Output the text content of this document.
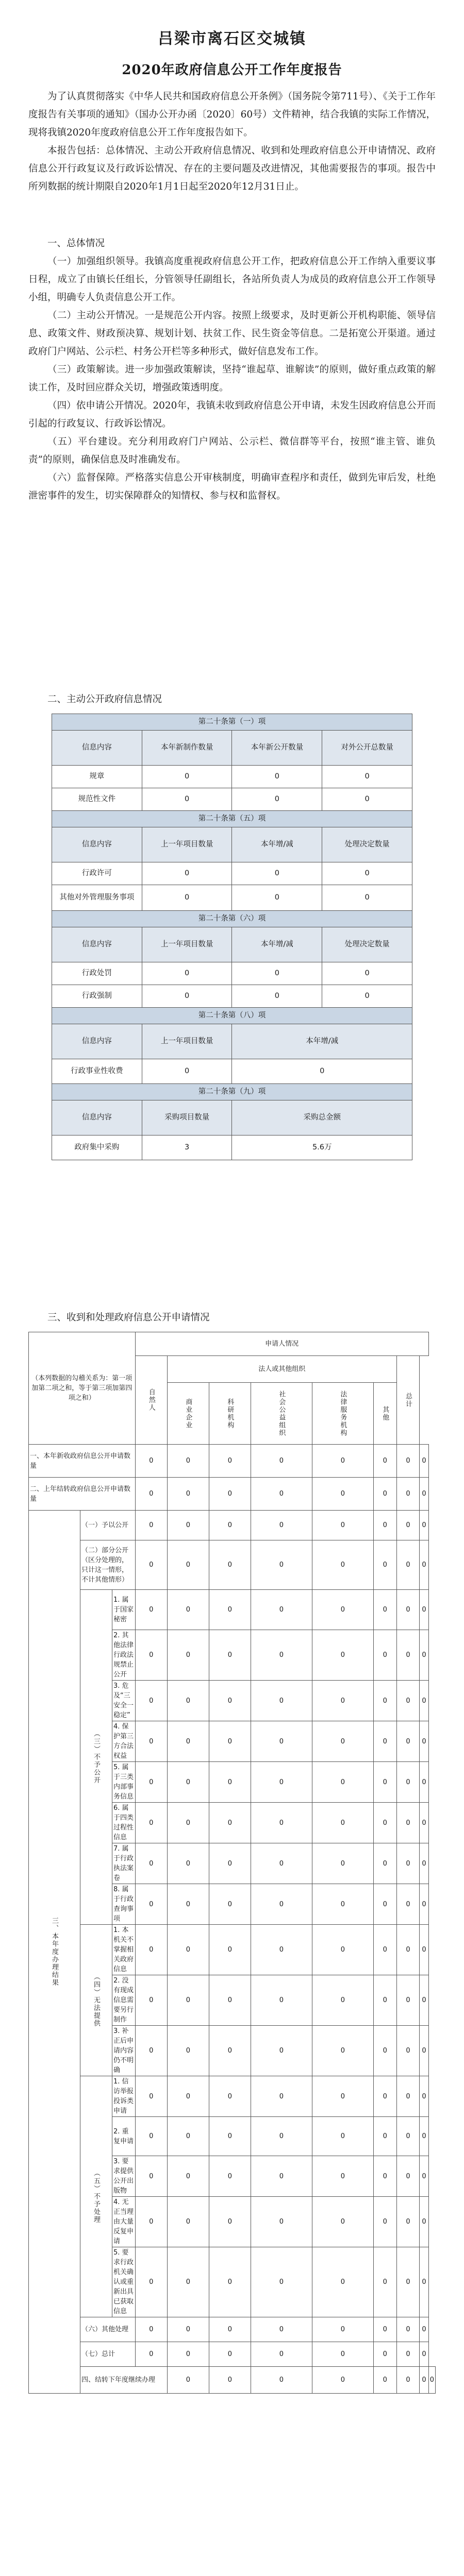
吕梁市离石区交城镇
2020年政府信息公开工作年度报告

为了认真贯彻落实《中华人民共和国政府信息公开条例》（国务院令第711号）、《关于工作年度报告有关事项的通知》（国办公开办函〔2020〕60号）文件精神，结合我镇的实际工作情况，现将我镇2020年度政府信息公开工作年度报告如下。

本报告包括：总体情况、主动公开政府信息情况、收到和处理政府信息公开申请情况、政府信息公开行政复议及行政诉讼情况、存在的主要问题及改进情况，其他需要报告的事项。报告中所列数据的统计期限自2020年1月1日起至2020年12月31日止。

一、总体情况

（一）加强组织领导。我镇高度重视政府信息公开工作，把政府信息公开工作纳入重要议事日程，成立了由镇长任组长，分管领导任副组长，各站所负责人为成员的政府信息公开工作领导小组，明确专人负责信息公开工作。

（二）主动公开情况。一是规范公开内容。按照上级要求，及时更新公开机构职能、领导信息、政策文件、财政预决算、规划计划、扶贫工作、民生资金等信息。二是拓宽公开渠道。通过政府门户网站、公示栏、村务公开栏等多种形式，做好信息发布工作。

（三）政策解读。进一步加强政策解读，坚持“谁起草、谁解读”的原则，做好重点政策的解读工作，及时回应群众关切，增强政策透明度。

（四）依申请公开情况。2020年，我镇未收到政府信息公开申请，未发生因政府信息公开而引起的行政复议、行政诉讼情况。

（五）平台建设。充分利用政府门户网站、公示栏、微信群等平台，按照“谁主管、谁负责”的原则，确保信息及时准确发布。

（六）监督保障。严格落实信息公开审核制度，明确审查程序和责任，做到先审后发，杜绝泄密事件的发生，切实保障群众的知情权、参与权和监督权。

二、主动公开政府信息情况

第二十条第（一）项			
信息内容	本年新制作数量	本年新公开数量	对外公开总数量
规章	0	0	0
规范性文件	0	0	0
第二十条第（五）项			
信息内容	上一年项目数量	本年增/减	处理决定数量
行政许可	0	0	0
其他对外管理服务事项	0	0	0
第二十条第（六）项			
信息内容	上一年项目数量	本年增/减	处理决定数量
行政处罚	0	0	0
行政强制	0	0	0
第二十条第（八）项			
信息内容	上一年项目数量	本年增/减	
行政事业性收费	0	0	
第二十条第（九）项			
信息内容	采购项目数量	采购总金额	
政府集中采购	3	5.6万	

三、收到和处理政府信息公开申请情况

（本列数据的勾稽关系为：第一项加第二项之和，等于第三项加第四项之和）			申请人情况								
			自然人	法人或其他组织					总计		
				商业企业	科研机构	社会公益组织	法律服务机构	其他			
一、本年新收政府信息公开申请数量			0	0	0	0	0	0	0	0	
二、上年结转政府信息公开申请数量			0	0	0	0	0	0	0	0	
三、本年度办理结果	（一）予以公开		0	0	0	0	0	0	0	0	
	（二）部分公开（区分处理的，只计这一情形，不计其他情形）		0	0	0	0	0	0	0	0	
	（三）不予公开	1. 属于国家秘密	0	0	0	0	0	0	0	0	
		2. 其他法律行政法规禁止公开	0	0	0	0	0	0	0	0	
		3. 危及“三安全一稳定”	0	0	0	0	0	0	0	0	
		4. 保护第三方合法权益	0	0	0	0	0	0	0	0	
		5. 属于三类内部事务信息	0	0	0	0	0	0	0	0	
		6. 属于四类过程性信息	0	0	0	0	0	0	0	0	
		7. 属于行政执法案卷	0	0	0	0	0	0	0	0	
		8. 属于行政查询事项	0	0	0	0	0	0	0	0	
	（四）无法提供	1. 本机关不掌握相关政府信息	0	0	0	0	0	0	0	0	
		2. 没有现成信息需要另行制作	0	0	0	0	0	0	0	0	
		3. 补正后申请内容仍不明确	0	0	0	0	0	0	0	0	
	（五）不予处理	1. 信访举报投诉类申请	0	0	0	0	0	0	0	0	
		2. 重复申请	0	0	0	0	0	0	0	0	
		3. 要求提供公开出版物	0	0	0	0	0	0	0	0	
		4. 无正当理由大量反复申请	0	0	0	0	0	0	0	0	
		5. 要求行政机关确认或重新出具已获取信息	0	0	0	0	0	0	0	0	
	（六）其他处理		0	0	0	0	0	0	0	0	
	（七）总计		0	0	0	0	0	0	0	0	
	四、结转下年度继续办理			0	0	0	0	0	0	0	0
